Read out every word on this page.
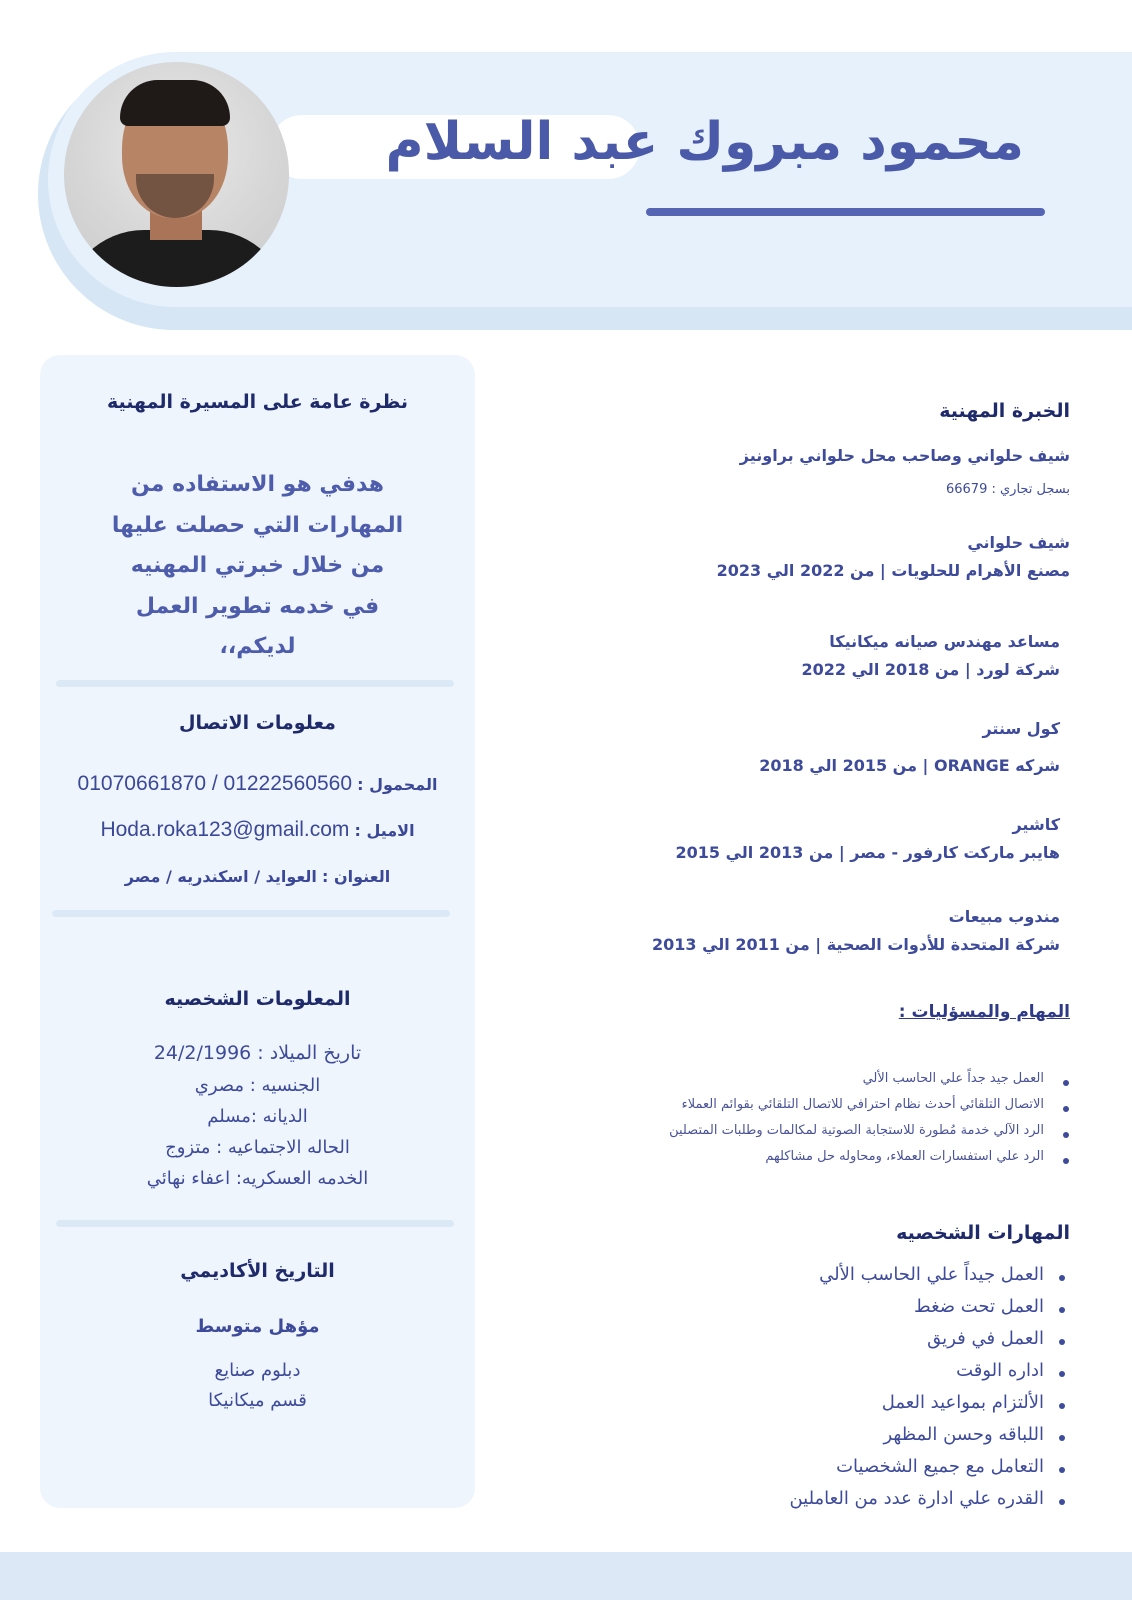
محمود مبروك عبد السلام
نظرة عامة على المسيرة المهنية
هدفي هو الاستفاده من
المهارات التي حصلت عليها
من خلال خبرتي المهنيه
في خدمه تطوير العمل
لديكم،،
معلومات الاتصال
المحمول : 01070661870 / 01222560560
الاميل : Hoda.roka123@gmail.com
العنوان : العوايد / اسكندريه / مصر
المعلومات الشخصيه
تاريخ الميلاد : 24/2/1996
الجنسيه : مصري
الديانه :مسلم
الحاله الاجتماعيه : متزوج
الخدمه العسكريه: اعفاء نهائي
التاريخ الأكاديمي
مؤهل متوسط
دبلوم صنايع
قسم ميكانيكا
الخبرة المهنية
شيف حلواني وصاحب محل حلواني براونيز
بسجل تجاري : 66679
شيف حلواني
مصنع الأهرام للحلويات | من 2022 الي 2023
مساعد مهندس صيانه ميكانيكا
شركة لورد | من 2018 الي 2022
كول سنتر
شركه ORANGE | من 2015 الي 2018
كاشير
هايبر ماركت كارفور - مصر | من 2013 الي 2015
مندوب مبيعات
شركة المتحدة للأدوات الصحية | من 2011 الي 2013
المهام والمسؤليات :
العمل جيد جداً علي الحاسب الألي
الاتصال التلقائي أحدث نظام احترافي للاتصال التلقائي بقوائم العملاء
الرد الآلي خدمة مُطورة للاستجابة الصوتية لمكالمات وطلبات المتصلين
الرد علي استفسارات العملاء، ومحاوله حل مشاكلهم
المهارات الشخصيه
العمل جيداً علي الحاسب الألي
العمل تحت ضغط
العمل في فريق
اداره الوقت
الألتزام بمواعيد العمل
اللباقه وحسن المظهر
التعامل مع جميع الشخصيات
القدره علي ادارة عدد من العاملين
